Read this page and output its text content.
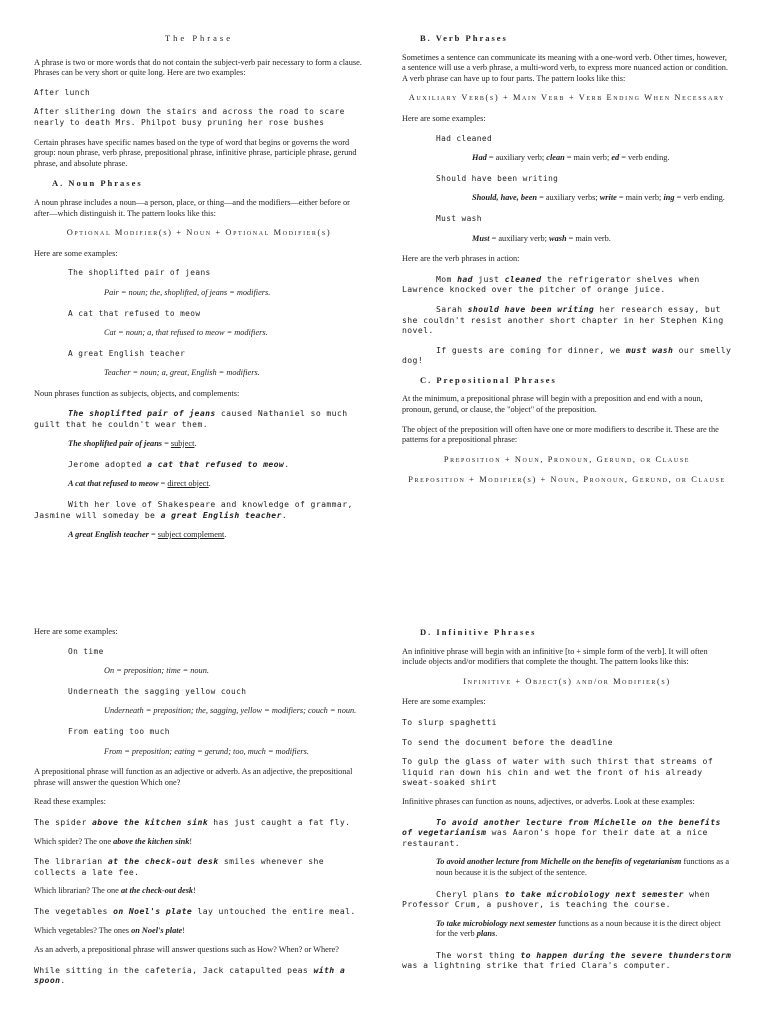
The Phrase

A phrase is two or more words that do not contain the subject-verb pair necessary to form a clause. Phrases can be very short or quite long. Here are two examples:

After lunch
After slithering down the stairs and across the road to scare nearly to death Mrs. Philpot busy pruning her rose bushes

Certain phrases have specific names based on the type of word that begins or governs the word group: noun phrase, verb phrase, prepositional phrase, infinitive phrase, participle phrase, gerund phrase, and absolute phrase.

A. Noun Phrases

A noun phrase includes a noun—a person, place, or thing—and the modifiers—either before or after—which distinguish it. The pattern looks like this:

Optional Modifier(s) + Noun + Optional Modifier(s)

Here are some examples:

The shoplifted pair of jeans
Pair = noun; the, shoplifted, of jeans = modifiers.
A cat that refused to meow
Cat = noun; a, that refused to meow = modifiers.
A great English teacher
Teacher = noun; a, great, English = modifiers.

Noun phrases function as subjects, objects, and complements:

The shoplifted pair of jeans caused Nathaniel so much guilt that he couldn't wear them.
The shoplifted pair of jeans = subject.
Jerome adopted a cat that refused to meow.
A cat that refused to meow = direct object.
With her love of Shakespeare and knowledge of grammar, Jasmine will someday be a great English teacher.
A great English teacher = subject complement.
B. Verb Phrases

Sometimes a sentence can communicate its meaning with a one-word verb. Other times, however, a sentence will use a verb phrase, a multi-word verb, to express more nuanced action or condition. A verb phrase can have up to four parts. The pattern looks like this:

Auxiliary Verb(s) + Main Verb + Verb Ending When Necessary

Here are some examples:

Had cleaned
Had = auxiliary verb; clean = main verb; ed = verb ending.
Should have been writing
Should, have, been = auxiliary verbs; write = main verb; ing = verb ending.
Must wash
Must = auxiliary verb; wash = main verb.

Here are the verb phrases in action:

Mom had just cleaned the refrigerator shelves when Lawrence knocked over the pitcher of orange juice.
Sarah should have been writing her research essay, but she couldn't resist another short chapter in her Stephen King novel.
If guests are coming for dinner, we must wash our smelly dog!
C. Prepositional Phrases

At the minimum, a prepositional phrase will begin with a preposition and end with a noun, pronoun, gerund, or clause, the "object" of the preposition.

The object of the preposition will often have one or more modifiers to describe it. These are the patterns for a prepositional phrase:

Preposition + Noun, Pronoun, Gerund, or Clause
Preposition + Modifier(s) + Noun, Pronoun, Gerund, or Clause

Here are some examples:

On time
On = preposition; time = noun.
Underneath the sagging yellow couch
Underneath = preposition; the, sagging, yellow = modifiers; couch = noun.
From eating too much
From = preposition; eating = gerund; too, much = modifiers.

A prepositional phrase will function as an adjective or adverb. As an adjective, the prepositional phrase will answer the question Which one?

Read these examples:

The spider above the kitchen sink has just caught a fat fly.

Which spider? The one above the kitchen sink!

The librarian at the check-out desk smiles whenever she collects a late fee.

Which librarian? The one at the check-out desk!

The vegetables on Noel's plate lay untouched the entire meal.

Which vegetables? The ones on Noel's plate!

As an adverb, a prepositional phrase will answer questions such as How? When? or Where?

While sitting in the cafeteria, Jack catapulted peas with a spoon.
D. Infinitive Phrases

An infinitive phrase will begin with an infinitive [to + simple form of the verb]. It will often include objects and/or modifiers that complete the thought. The pattern looks like this:

Infinitive + Object(s) and/or Modifier(s)

Here are some examples:

To slurp spaghetti
To send the document before the deadline
To gulp the glass of water with such thirst that streams of liquid ran down his chin and wet the front of his already sweat-soaked shirt

Infinitive phrases can function as nouns, adjectives, or adverbs. Look at these examples:

To avoid another lecture from Michelle on the benefits of vegetarianism was Aaron's hope for their date at a nice restaurant.
To avoid another lecture from Michelle on the benefits of vegetarianism functions as a noun because it is the subject of the sentence.
Cheryl plans to take microbiology next semester when Professor Crum, a pushover, is teaching the course.
To take microbiology next semester functions as a noun because it is the direct object for the verb plans.
The worst thing to happen during the severe thunderstorm was a lightning strike that fried Clara's computer.
